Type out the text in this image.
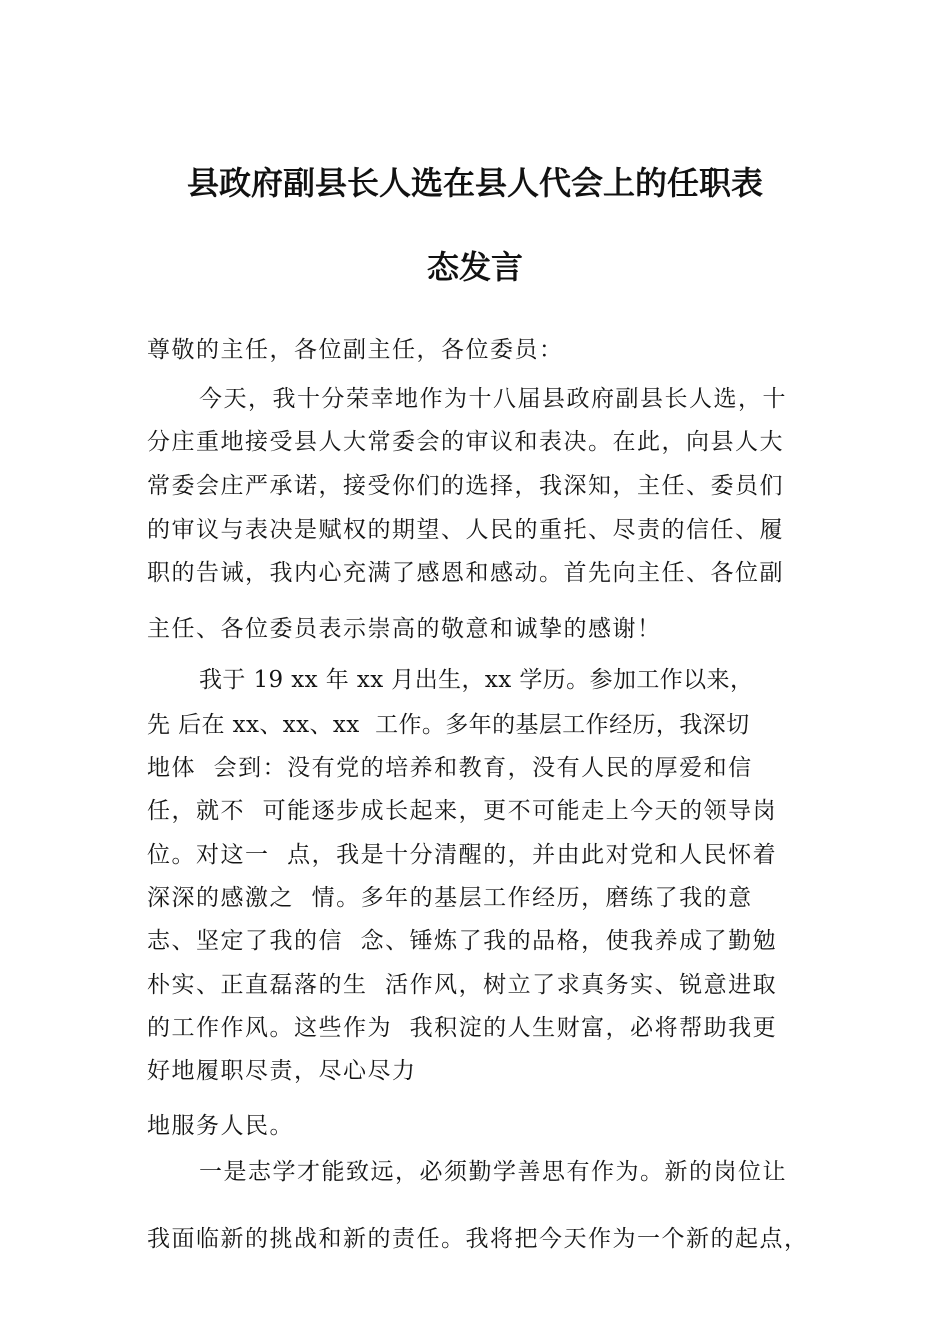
县政府副县长人选在县人代会上的任职表
态发言
尊敬的主任，各位副主任，各位委员：
今天，我十分荣幸地作为十八届县政府副县长人选，十
分庄重地接受县人大常委会的审议和表决。在此，向县人大
常委会庄严承诺，接受你们的选择，我深知，主任、委员们
的审议与表决是赋权的期望、人民的重托、尽责的信任、履
职的告诫，我内心充满了感恩和感动。首先向主任、各位副
主任、各位委员表示崇高的敬意和诚挚的感谢！
我于 19 xx 年 xx 月出生，xx 学历。参加工作以来，
先 后在 xx、xx、xx  工作。多年的基层工作经历，我深切
地体  会到：没有党的培养和教育，没有人民的厚爱和信
任，就不  可能逐步成长起来，更不可能走上今天的领导岗
位。对这一  点，我是十分清醒的，并由此对党和人民怀着
深深的感激之  情。多年的基层工作经历，磨练了我的意
志、坚定了我的信  念、锤炼了我的品格，使我养成了勤勉
朴实、正直磊落的生  活作风，树立了求真务实、锐意进取
的工作作风。这些作为  我积淀的人生财富，必将帮助我更
好地履职尽责，尽心尽力
地服务人民。
一是志学才能致远，必须勤学善思有作为。新的岗位让
我面临新的挑战和新的责任。我将把今天作为一个新的起点，
